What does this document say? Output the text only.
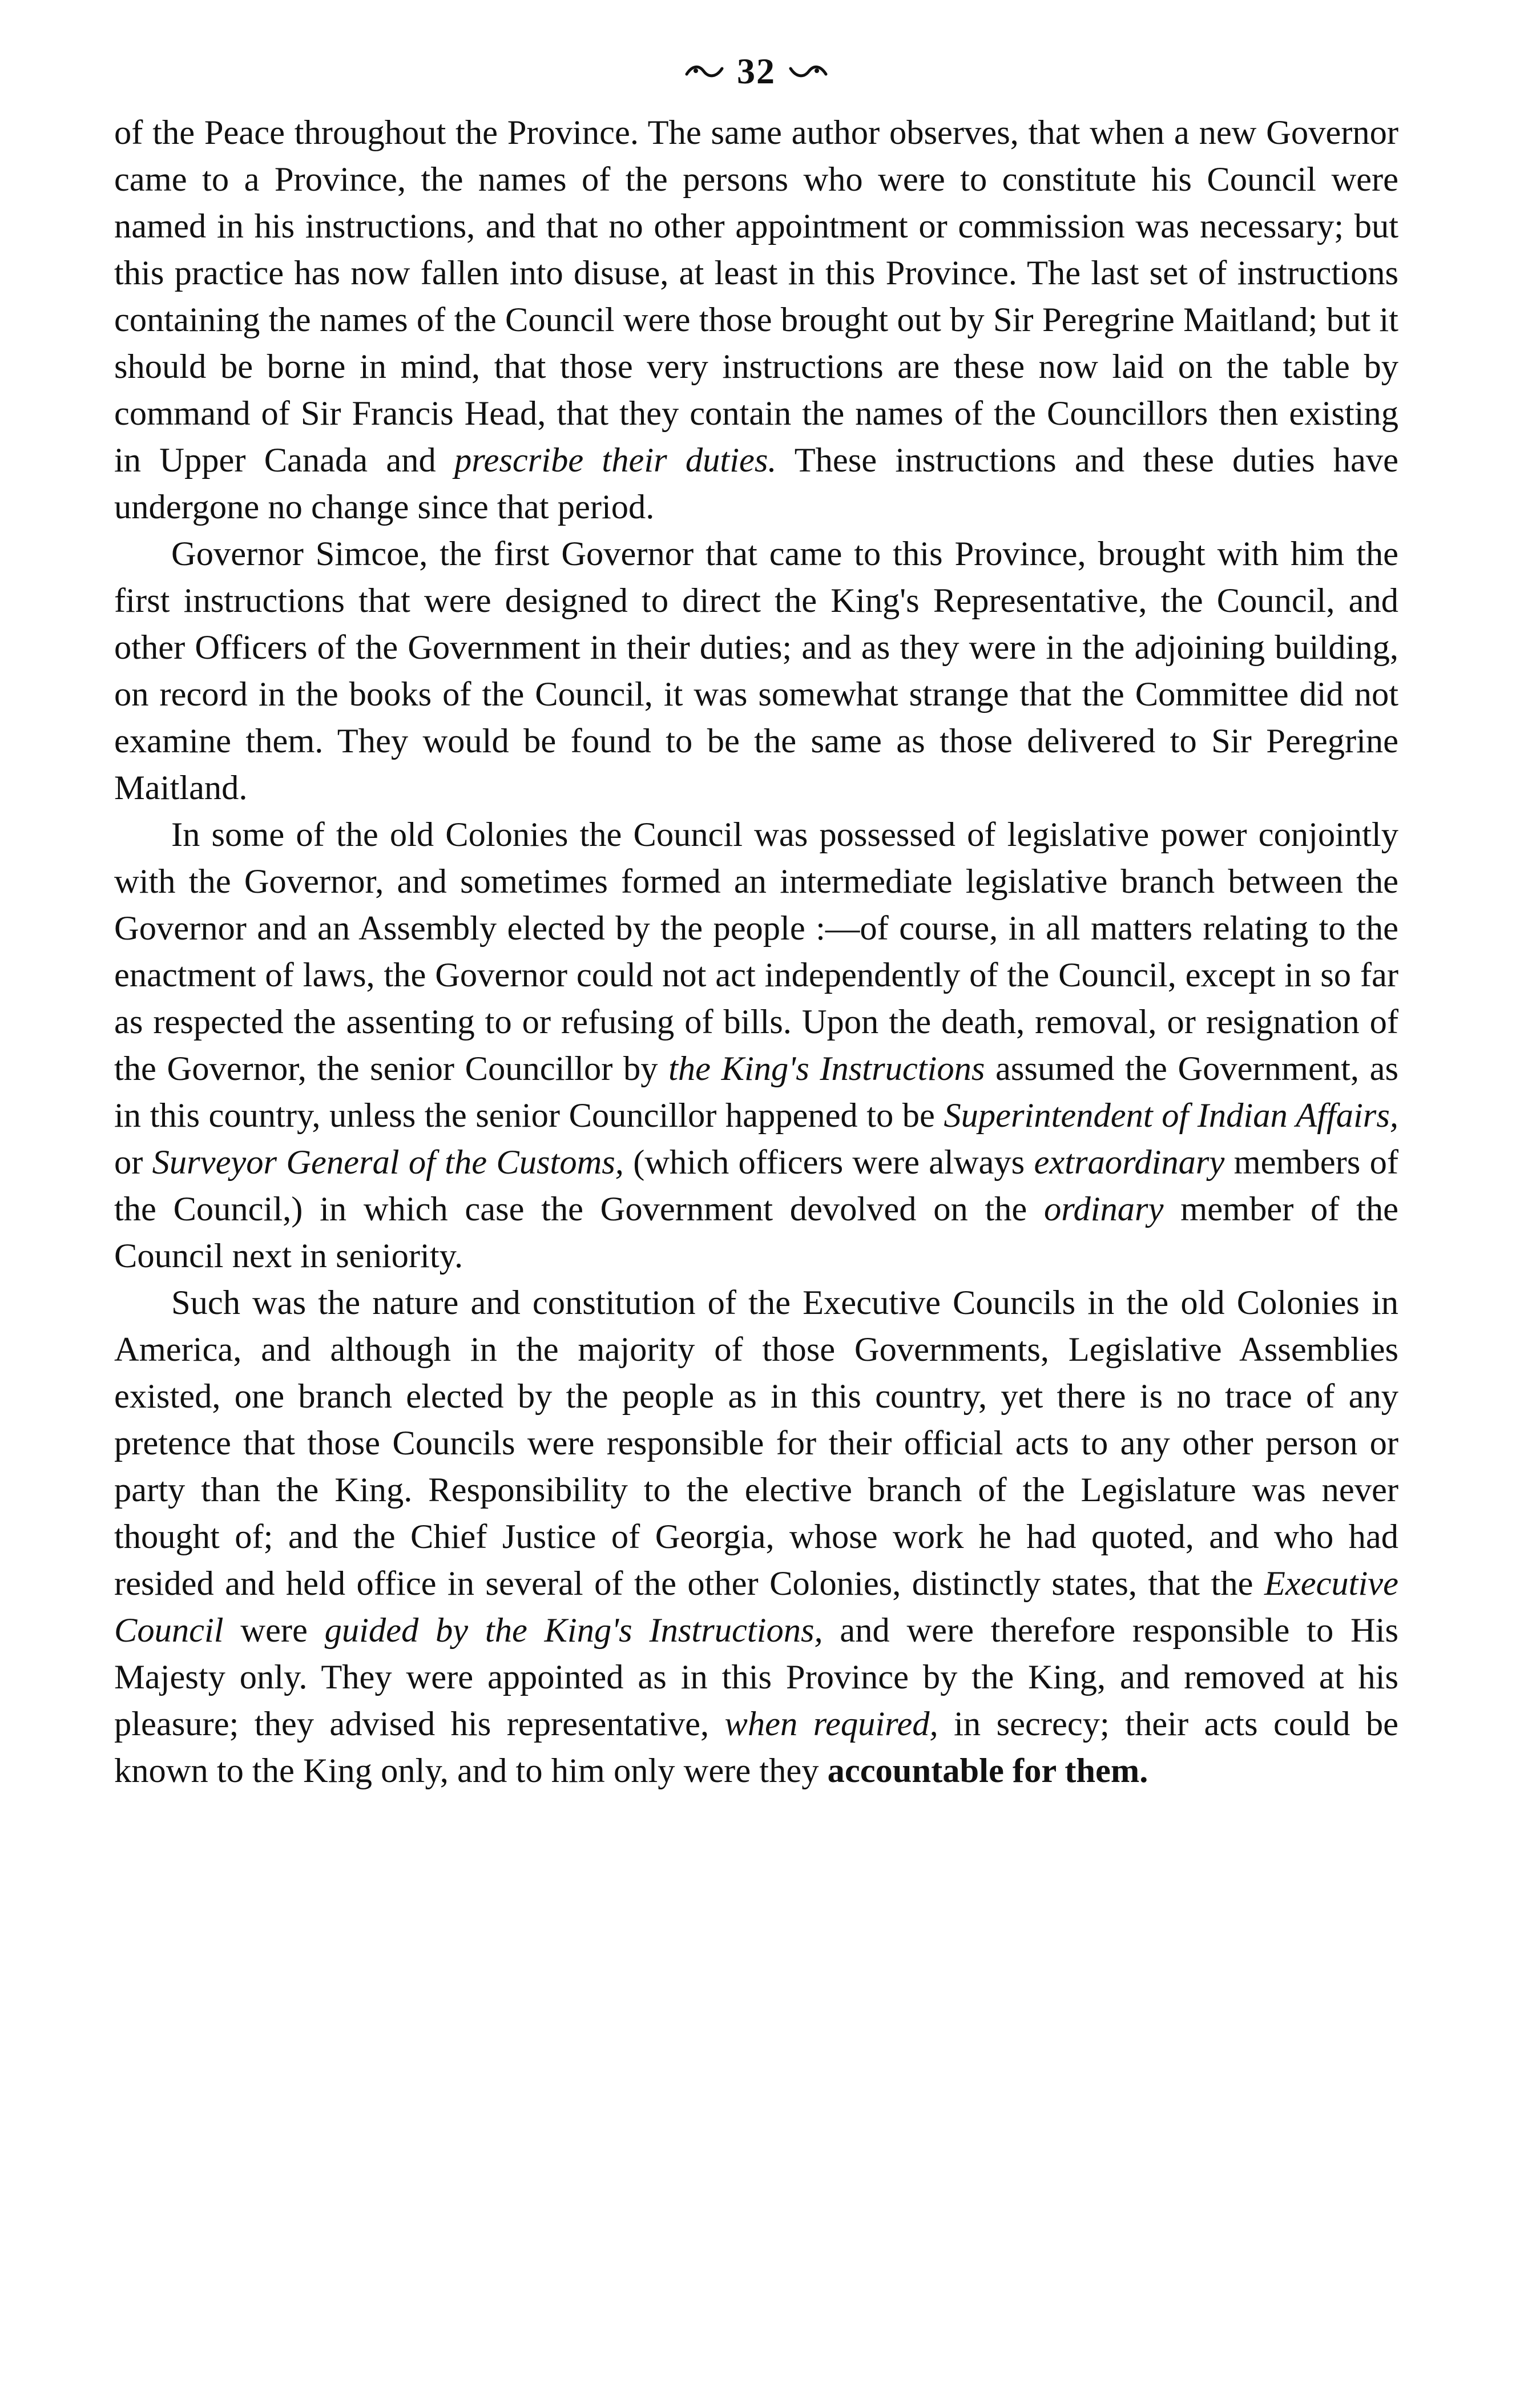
32

of the Peace throughout the Province. The same author observes, that when a new Governor came to a Province, the names of the persons who were to constitute his Council were named in his instructions, and that no other appointment or commission was necessary; but this practice has now fallen into disuse, at least in this Province. The last set of instructions containing the names of the Council were those brought out by Sir Peregrine Maitland; but it should be borne in mind, that those very instructions are these now laid on the table by command of Sir Francis Head, that they contain the names of the Councillors then existing in Upper Canada and prescribe their duties. These instructions and these duties have undergone no change since that period.

Governor Simcoe, the first Governor that came to this Province, brought with him the first instructions that were designed to direct the King's Representative, the Council, and other Officers of the Government in their duties; and as they were in the adjoining building, on record in the books of the Council, it was somewhat strange that the Committee did not examine them. They would be found to be the same as those delivered to Sir Peregrine Maitland.

In some of the old Colonies the Council was possessed of legislative power conjointly with the Governor, and sometimes formed an intermediate legislative branch between the Governor and an Assembly elected by the people :—of course, in all matters relating to the enactment of laws, the Governor could not act independently of the Council, except in so far as respected the assenting to or refusing of bills. Upon the death, removal, or resignation of the Governor, the senior Councillor by the King's Instructions assumed the Government, as in this country, unless the senior Councillor happened to be Superintendent of Indian Affairs, or Surveyor General of the Customs, (which officers were always extraordinary members of the Council,) in which case the Government devolved on the ordinary member of the Council next in seniority.

Such was the nature and constitution of the Executive Councils in the old Colonies in America, and although in the majority of those Governments, Legislative Assemblies existed, one branch elected by the people as in this country, yet there is no trace of any pretence that those Councils were responsible for their official acts to any other person or party than the King. Responsibility to the elective branch of the Legislature was never thought of; and the Chief Justice of Georgia, whose work he had quoted, and who had resided and held office in several of the other Colonies, distinctly states, that the Executive Council were guided by the King's Instructions, and were therefore responsible to His Majesty only. They were appointed as in this Province by the King, and removed at his pleasure; they advised his representative, when required, in secrecy; their acts could be known to the King only, and to him only were they accountable for them.
